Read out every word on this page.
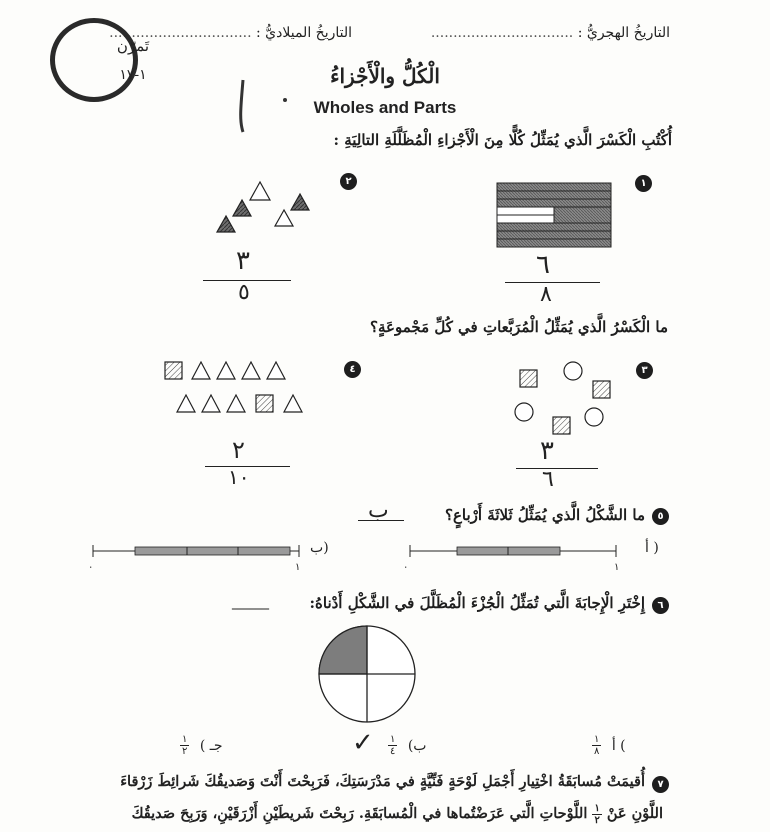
التاريخُ الهجريُّ : ................................
التاريخُ الميلاديُّ : ................................
تَمرّن
١-١٧	الْكُلُّ والْأَجْزاءُ
Wholes and Parts
أُكْتُبِ الْكَسْرَ الَّذي يُمَثِّلُ كُلًّا مِنَ الْأَجْزاءِ الْمُظَلَّلَةِ التالِيَةِ :
١
٦
٨
٢
٣
٥
ما الْكَسْرُ الَّذي يُمَثِّلُ الْمُرَبَّعاتِ في كُلِّ مَجْموعَةٍ؟
٣
٣
٦
٤
٢
١٠
٥
ما الشَّكْلُ الَّذي يُمَثِّلُ ثَلاثَةَ أَرْباعٍ؟
ب
أ )
٠	١
ب)
٠	١
٦
إِخْتَرِ الْإِجابَةَ الَّتي تُمَثِّلُ الْجُزْءَ الْمُظَلَّلَ في الشَّكْلِ أَدْناهُ:
______
$\frac{١}{٨}$ أ (
$\frac{١}{٤}$ (ب
✓
$\frac{١}{٢}$ ( جـ
٧
أُقيمَتْ مُسابَقَةُ اخْتِيارِ أَجْمَلِ لَوْحَةٍ فَنِّيَّةٍ في مَدْرَسَتِكَ، فَرَبِحْتَ أَنْتَ وَصَديقُكَ شَرائِطَ زَرْقاءَ
اللَّوْنِ عَنْ
$\frac{١}{٢}$
اللَّوْحاتِ الَّتي عَرَضْتُماها في الْمُسابَقَةِ. رَبِحْتَ شَريطَيْنِ أَزْرَقَيْنِ، وَرَبِحَ صَديقُكَ
